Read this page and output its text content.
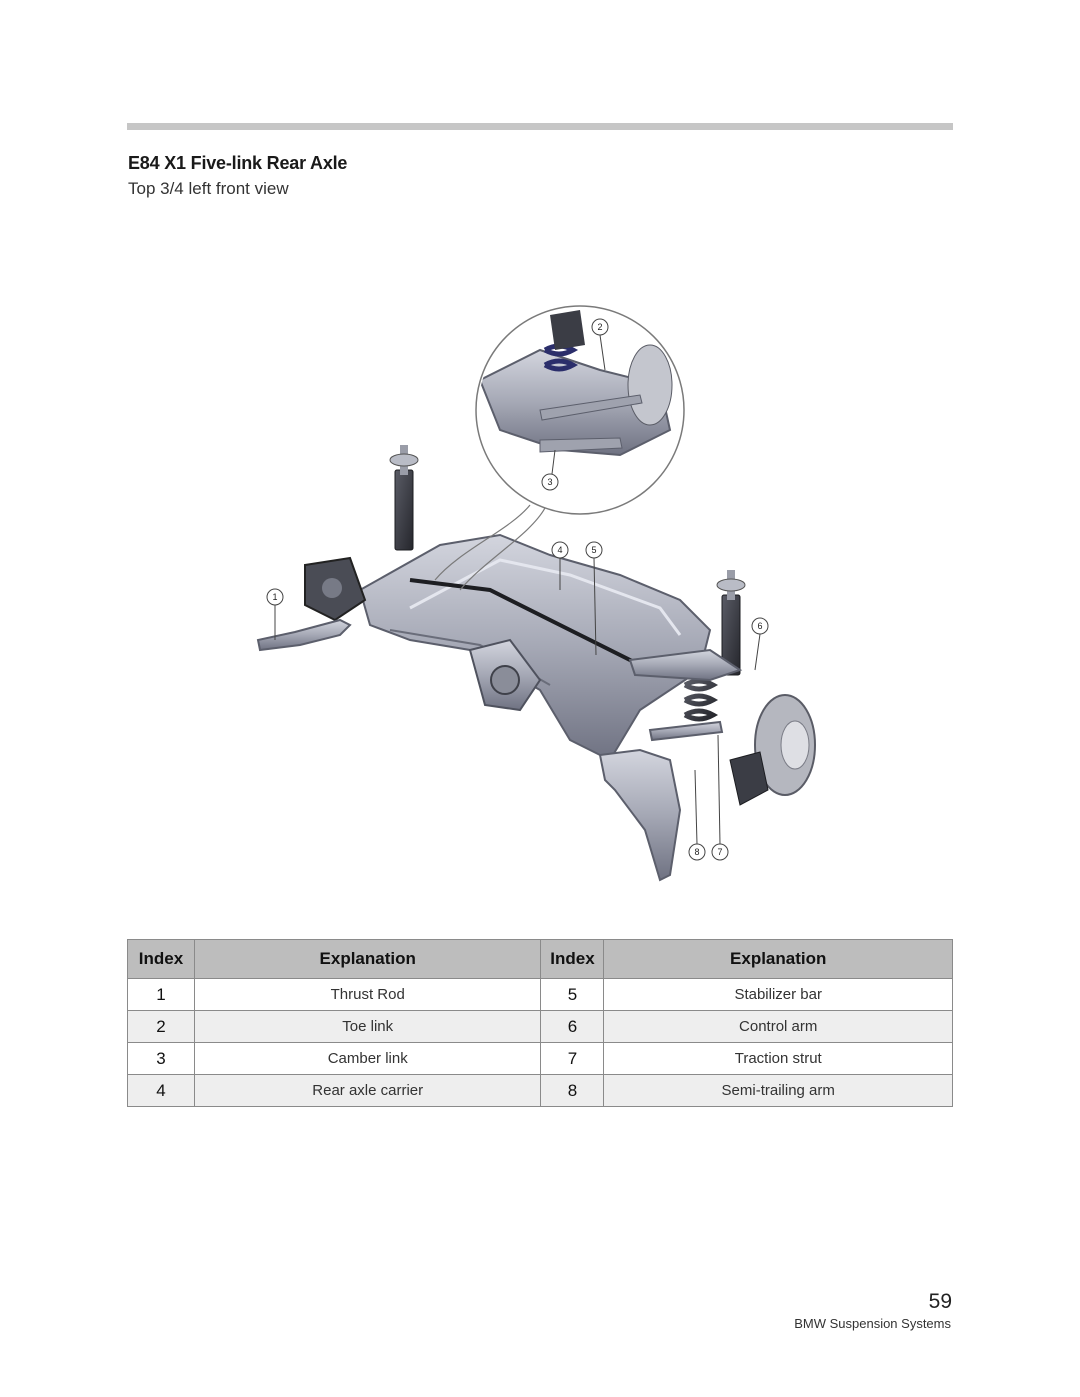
E84 X1 Five-link Rear Axle
Top 3/4 left front view
2
3
1
4	5
6
7
8
Index	Explanation	Index	Explanation
1	Thrust Rod	5	Stabilizer bar
2	Toe link	6	Control arm
3	Camber link	7	Traction strut
4	Rear axle carrier	8	Semi-trailing arm
59
BMW Suspension Systems
